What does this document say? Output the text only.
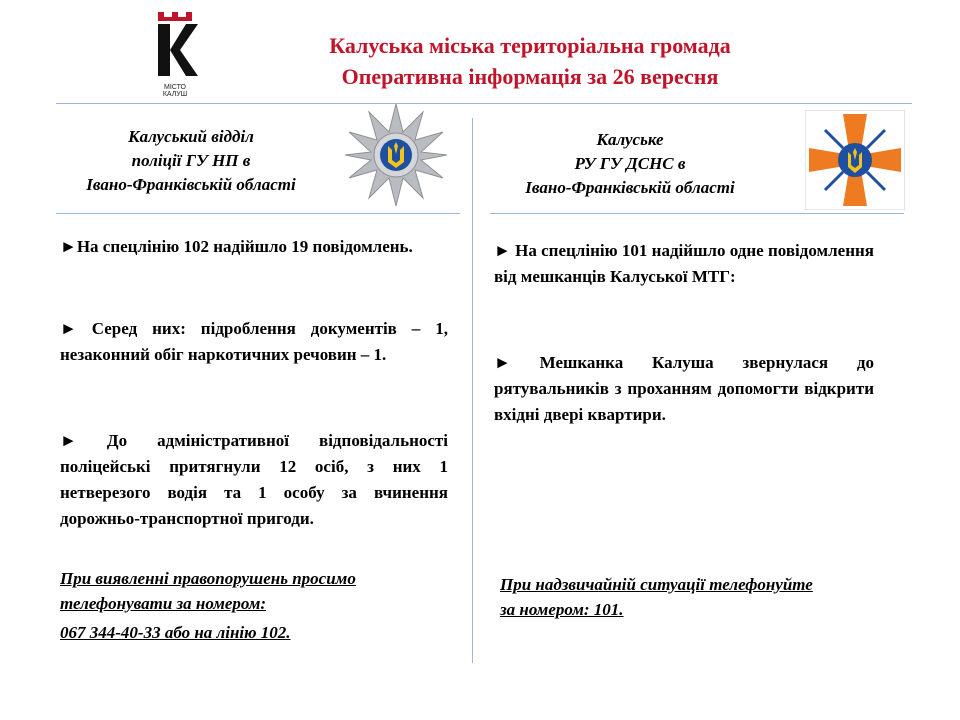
МІСТО
КАЛУШ
Калуська міська територіальна громада
Оперативна інформація за 26 вересня
Калуський відділ
поліції ГУ НП в
Івано-Франківській області
Калуське
РУ ГУ ДСНС в
Івано-Франківській області
►На спецлінію 102 надійшло 19 повідомлень.
► Серед них: підроблення документів – 1, незаконний обіг наркотичних речовин – 1.
► До адміністративної відповідальності поліцейські притягнули 12 осіб, з них 1 нетверезого водія та 1 особу за вчинення дорожньо-транспортної пригоди.
При виявленні правопорушень просимо
телефонувати за номером:
067 344-40-33 або на лінію 102.
► На спецлінію 101 надійшло одне повідомлення від мешканців Калуської МТГ:
► Мешканка Калуша звернулася до рятувальників з проханням допомогти відкрити вхідні двері квартири.
При надзвичайній ситуації телефонуйте
за номером: 101.
